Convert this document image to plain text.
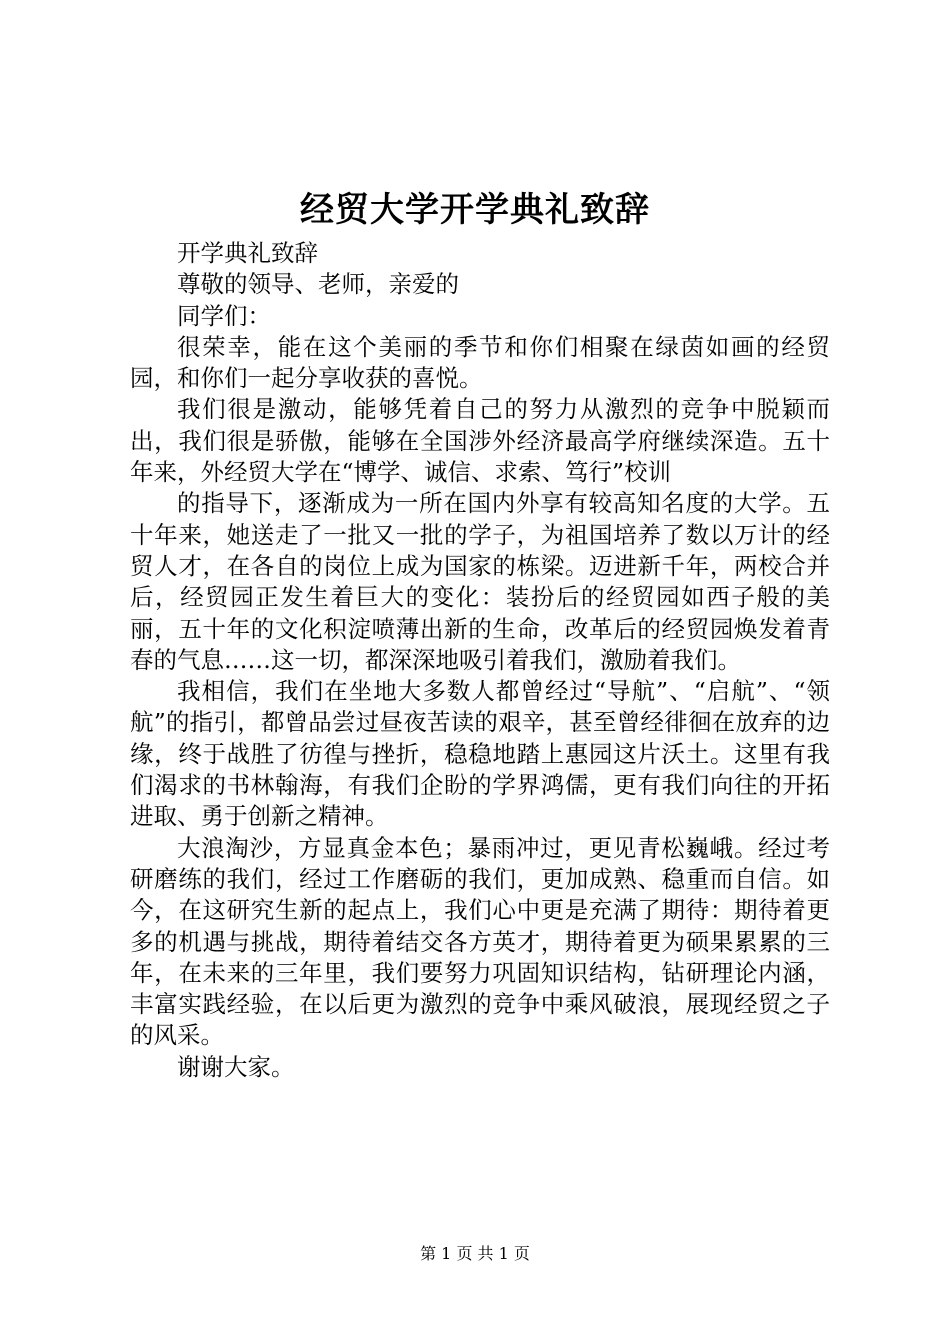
经贸大学开学典礼致辞

开学典礼致辞

尊敬的领导、老师，亲爱的

同学们：

很荣幸，能在这个美丽的季节和你们相聚在绿茵如画的经贸园，和你们一起分享收获的喜悦。

我们很是激动，能够凭着自己的努力从激烈的竞争中脱颖而出，我们很是骄傲，能够在全国涉外经济最高学府继续深造。五十年来，外经贸大学在“博学、诚信、求索、笃行”校训

的指导下，逐渐成为一所在国内外享有较高知名度的大学。五十年来，她送走了一批又一批的学子，为祖国培养了数以万计的经贸人才，在各自的岗位上成为国家的栋梁。迈进新千年，两校合并后，经贸园正发生着巨大的变化：装扮后的经贸园如西子般的美丽，五十年的文化积淀喷薄出新的生命，改革后的经贸园焕发着青春的气息……这一切，都深深地吸引着我们，激励着我们。

我相信，我们在坐地大多数人都曾经过“导航”、“启航”、“领航”的指引，都曾品尝过昼夜苦读的艰辛，甚至曾经徘徊在放弃的边缘，终于战胜了彷徨与挫折，稳稳地踏上惠园这片沃土。这里有我们渴求的书林翰海，有我们企盼的学界鸿儒，更有我们向往的开拓进取、勇于创新之精神。

大浪淘沙，方显真金本色；暴雨冲过，更见青松巍峨。经过考研磨练的我们，经过工作磨砺的我们，更加成熟、稳重而自信。如今，在这研究生新的起点上，我们心中更是充满了期待：期待着更多的机遇与挑战，期待着结交各方英才，期待着更为硕果累累的三年，在未来的三年里，我们要努力巩固知识结构，钻研理论内涵，丰富实践经验，在以后更为激烈的竞争中乘风破浪，展现经贸之子的风采。

谢谢大家。

第 1 页 共 1 页
